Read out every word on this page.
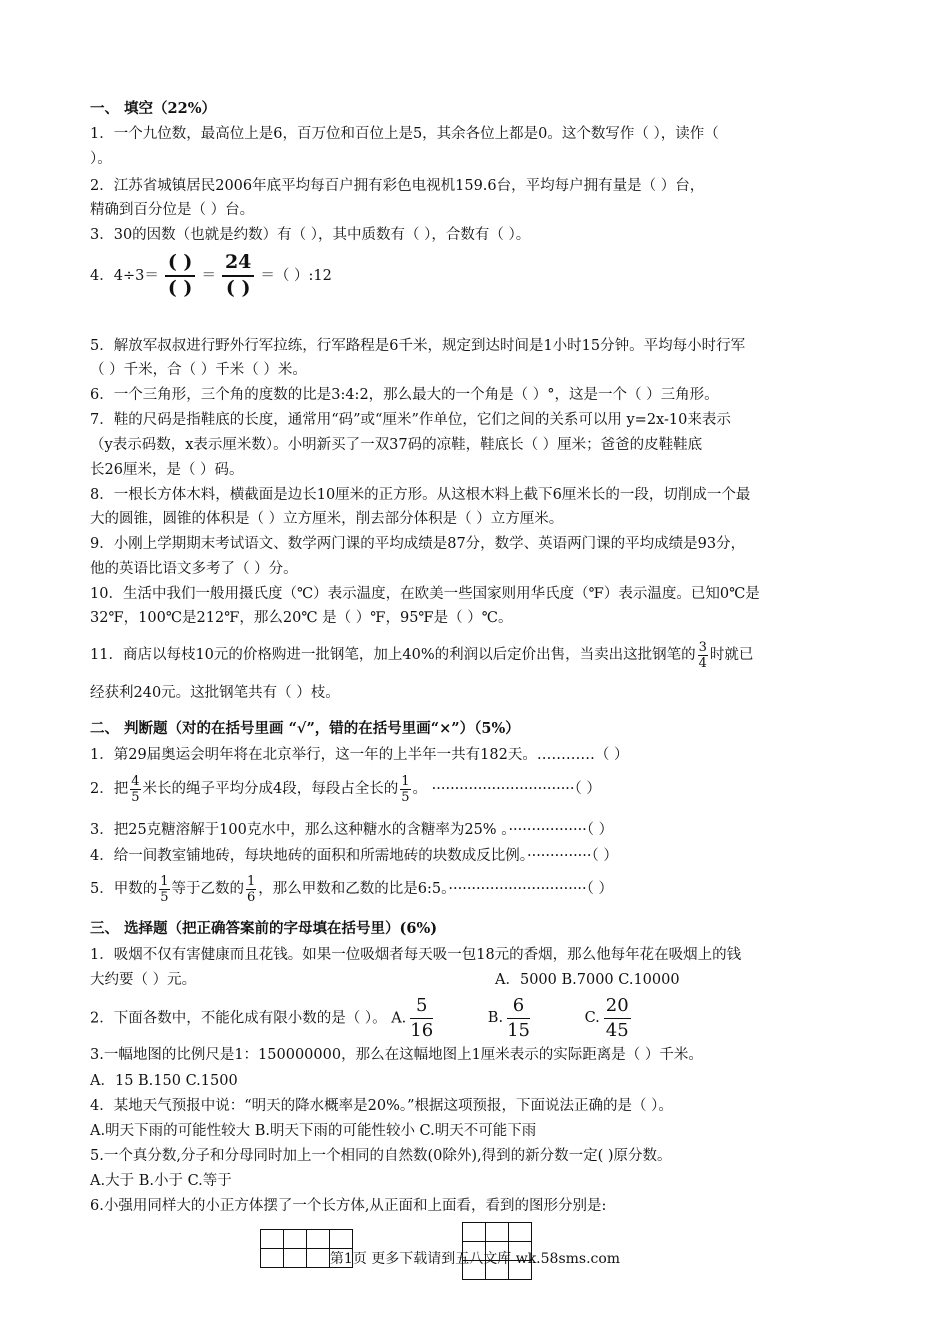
一、 填空（22%）
1．一个九位数，最高位上是6，百万位和百位上是5，其余各位上都是0。这个数写作（ ），读作（
）。
2．江苏省城镇居民2006年底平均每百户拥有彩色电视机159.6台，平均每户拥有量是（ ）台，
精确到百分位是（ ）台。
3．30的因数（也就是约数）有（ ），其中质数有（ ），合数有（ ）。
4．4÷3＝
( )
( )
＝
24
( )
＝（ ）:12
5．解放军叔叔进行野外行军拉练，行军路程是6千米，规定到达时间是1小时15分钟。平均每小时行军
（ ）千米，合（ ）千米（ ）米。
6．一个三角形，三个角的度数的比是3:4:2，那么最大的一个角是（ ）°，这是一个（ ）三角形。
7．鞋的尺码是指鞋底的长度，通常用“码”或“厘米”作单位，它们之间的关系可以用 y=2x-10来表示
（y表示码数，x表示厘米数）。小明新买了一双37码的凉鞋，鞋底长（ ）厘米；爸爸的皮鞋鞋底
长26厘米，是（ ）码。
8．一根长方体木料，横截面是边长10厘米的正方形。从这根木料上截下6厘米长的一段，切削成一个最
大的圆锥，圆锥的体积是（ ）立方厘米，削去部分体积是（ ）立方厘米。
9．小刚上学期期末考试语文、数学两门课的平均成绩是87分，数学、英语两门课的平均成绩是93分，
他的英语比语文多考了（ ）分。
10．生活中我们一般用摄氏度（℃）表示温度，在欧美一些国家则用华氏度（℉）表示温度。已知0℃是
32℉，100℃是212℉，那么20℃ 是（ ）℉，95℉是（ ）℃。
11．商店以每枝10元的价格购进一批钢笔，加上40%的利润以后定价出售，当卖出这批钢笔的 $\frac{3}{4}$ 时就已
经获利240元。这批钢笔共有（ ）枝。
二、 判断题（对的在括号里画 “√”，错的在括号里画“×”）（5%）
1．第29届奥运会明年将在北京举行，这一年的上半年一共有182天。…………（ ）
2．把 $\frac{4}{5}$ 米长的绳子平均分成4段，每段占全长的 $\frac{1}{5}$ 。 ·······························（ ）
3．把25克糖溶解于100克水中，那么这种糖水的含糖率为25% 。·················（ ）
4．给一间教室铺地砖，每块地砖的面积和所需地砖的块数成反比例。··············（ ）
5．甲数的 $\frac{1}{5}$ 等于乙数的 $\frac{1}{6}$ ，那么甲数和乙数的比是6:5。······························（ ）
三、 选择题（把正确答案前的字母填在括号里）(6%)
1．吸烟不仅有害健康而且花钱。如果一位吸烟者每天吸一包18元的香烟，那么他每年花在吸烟上的钱
大约要（ ）元。	A．5000 B.7000 C.10000
2．下面各数中，不能化成有限小数的是（ ）。 A. $\frac{5}{16}$	B. $\frac{6}{15}$	C. $\frac{20}{45}$
3.一幅地图的比例尺是1：150000000，那么在这幅地图上1厘米表示的实际距离是（ ）千米。
A．15 B.150 C.1500
4．某地天气预报中说：“明天的降水概率是20%。”根据这项预报，下面说法正确的是（ ）。
A.明天下雨的可能性较大 B.明天下雨的可能性较小 C.明天不可能下雨
5.一个真分数,分子和分母同时加上一个相同的自然数(0除外),得到的新分数一定( )原分数。
A.大于 B.小于 C.等于
6.小强用同样大的小正方体摆了一个长方体,从正面和上面看，看到的图形分别是:

第1页 更多下载请到五八文库 wk.58sms.com
